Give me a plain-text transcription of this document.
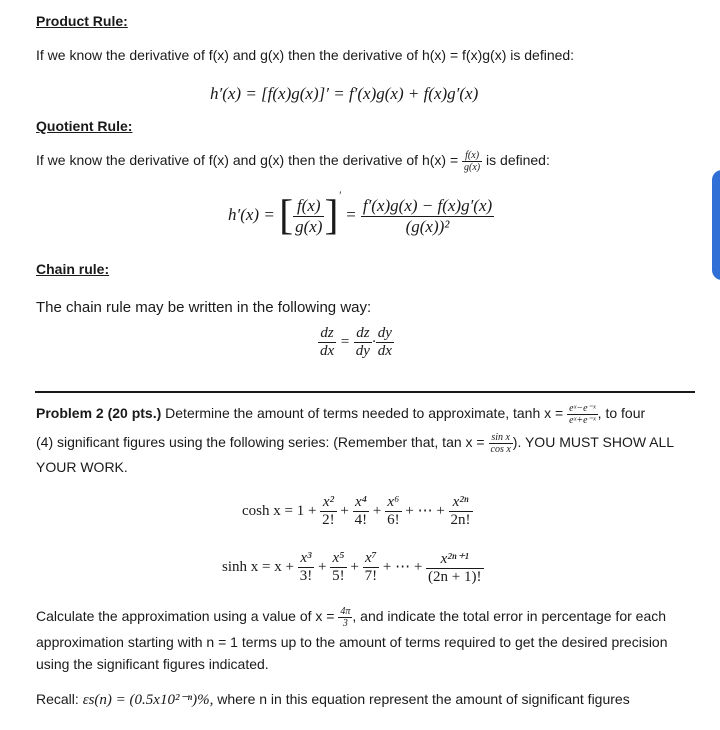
Product Rule:
If we know the derivative of f(x) and g(x) then the derivative of h(x) = f(x)g(x) is defined:
h′(x) = [f(x)g(x)]′ = f′(x)g(x) + f(x)g′(x)
Quotient Rule:
If we know the derivative of f(x) and g(x) then the derivative of $h(x) = \frac{f(x)}{g(x)}$ is defined:
h′(x) = [ $\frac{f(x)}{g(x)} ]' = \frac{f'(x)g(x) - f(x)g'(x)}{\text{(g(x))²}}$
Chain rule:
The chain rule may be written in the following way:
$\frac{dz}{dx} = \frac{dz}{dy} \cdot \frac{dy}{dx}$
Problem 2 (20 pts.) Determine the amount of terms needed to approximate, $\tanh x = \frac{\text{eˣ−e⁻ˣ}}{\text{eˣ+e⁻ˣ}}$ , to four
(4) significant figures using the following series: (Remember that, $\tan x = \frac{\text{sin x}}{\text{cos x}}$ ). YOU MUST SHOW ALL
YOUR WORK.
$\cosh x = 1 + \frac{\text{x²}}{2!} + \frac{\text{x⁴}}{4!} + \frac{\text{x⁶}}{6!}$ + ⋯ + $\frac{\text{x²ⁿ}}{2n!}$
$\sinh x = x + \frac{\text{x³}}{3!} + \frac{\text{x⁵}}{5!} + \frac{\text{x⁷}}{7!}$ + ⋯ + $\frac{\text{x²ⁿ⁺¹}}{(2n + 1)!}$
Calculate the approximation using a value of $x = \frac{4\pi}{3}$ , and indicate the total error in percentage for each
approximation starting with n = 1 terms up to the amount of terms required to get the desired precision
using the significant figures indicated.
Recall: εs(n) = (0.5x10²⁻ⁿ)%, where n in this equation represent the amount of significant figures
